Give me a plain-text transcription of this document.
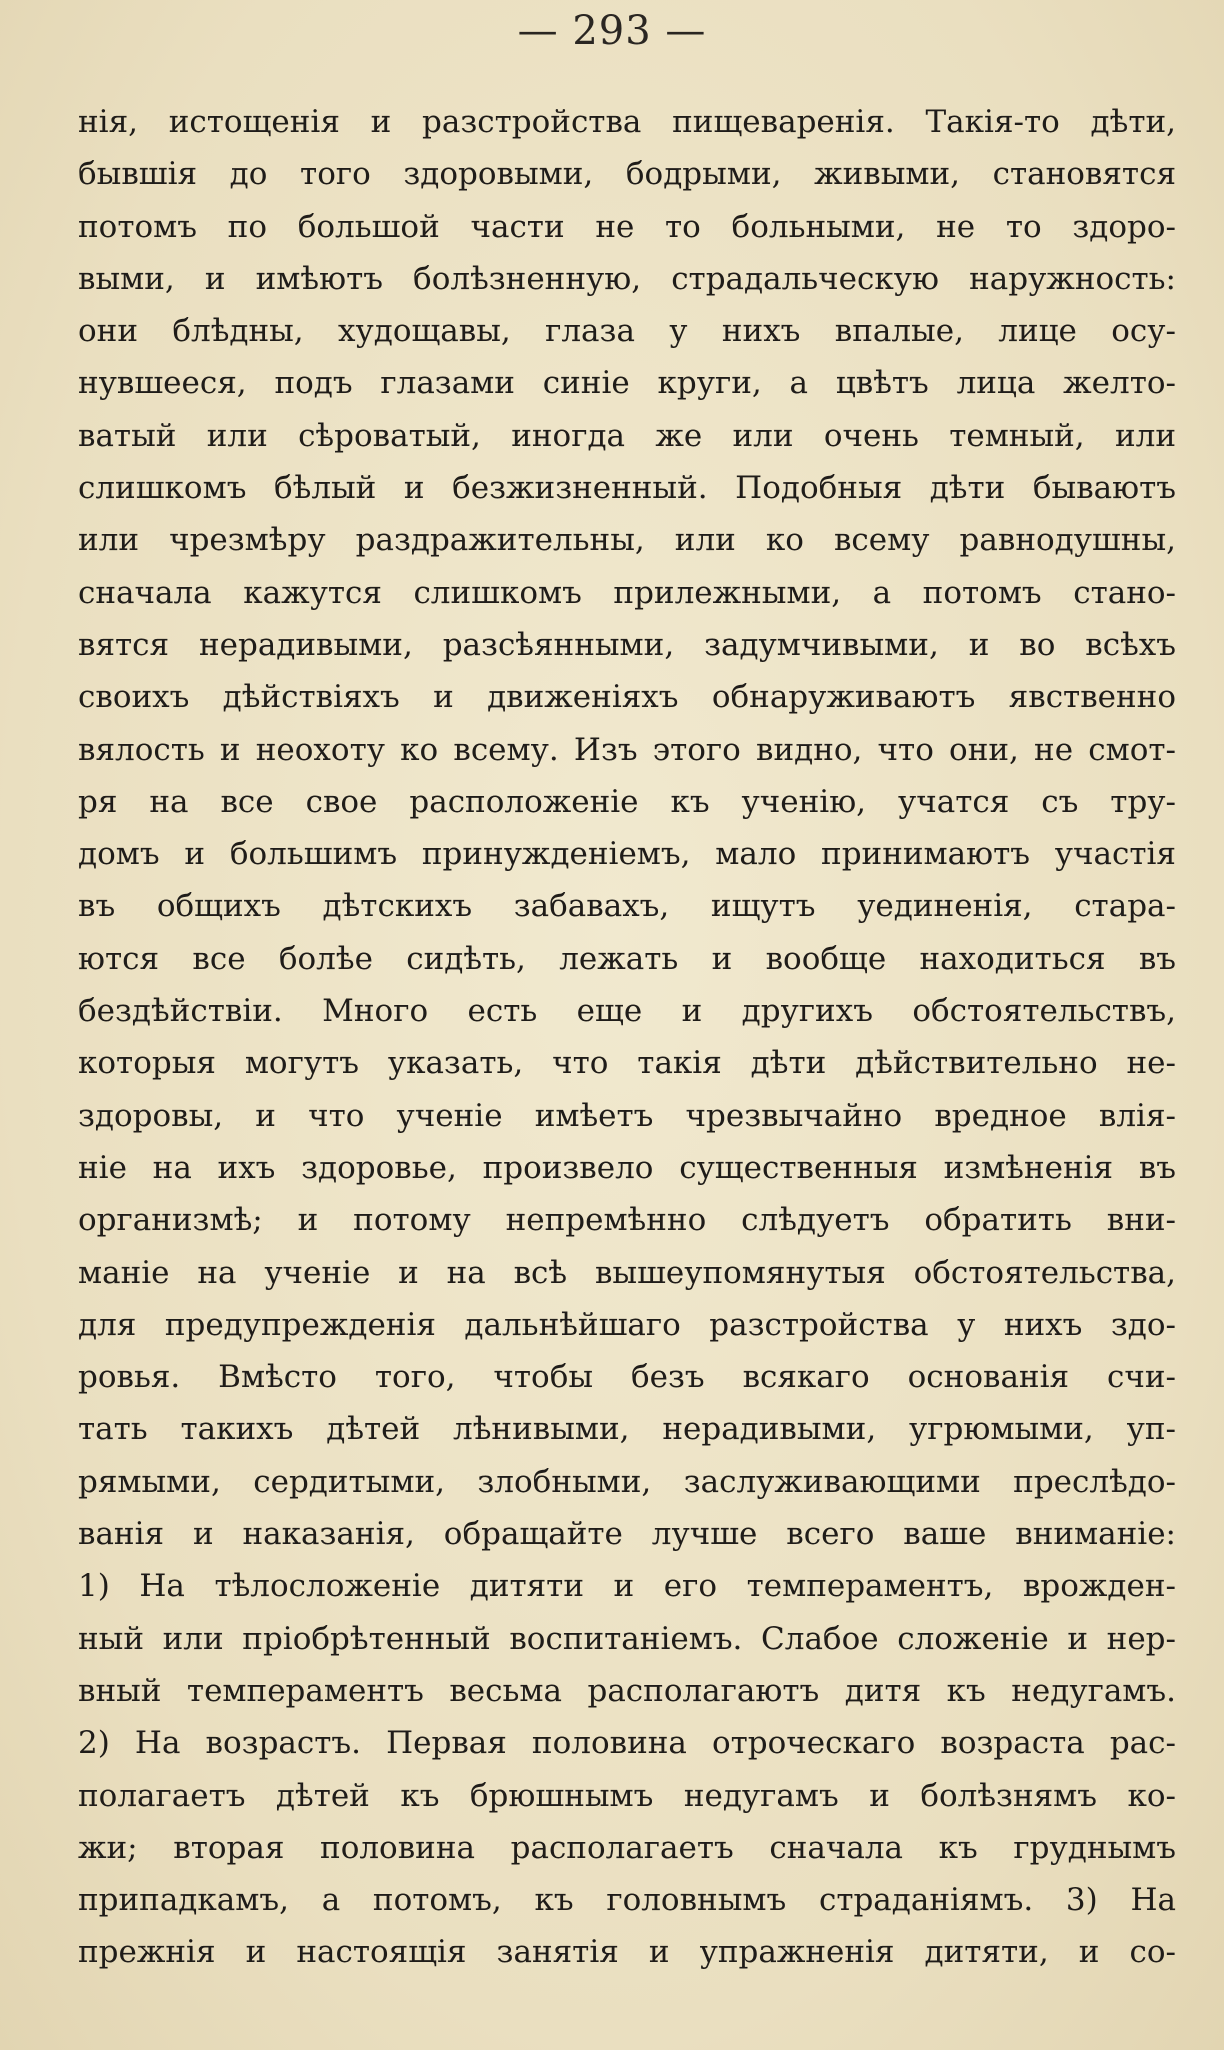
— 293 —
нія, истощенія и разстройства пищеваренія. Такія-то дѣти,
бывшія до того здоровыми, бодрыми, живыми, становятся
потомъ по большой части не то больными, не то здоро-
выми, и имѣютъ болѣзненную, страдальческую наружность:
они блѣдны, худощавы, глаза у нихъ впалые, лице осу-
нувшееся, подъ глазами синіе круги, а цвѣтъ лица желто-
ватый или сѣроватый, иногда же или очень темный, или
слишкомъ бѣлый и безжизненный. Подобныя дѣти бываютъ
или чрезмѣру раздражительны, или ко всему равнодушны,
сначала кажутся слишкомъ прилежными, а потомъ стано-
вятся нерадивыми, разсѣянными, задумчивыми, и во всѣхъ
своихъ дѣйствіяхъ и движеніяхъ обнаруживаютъ явственно
вялость и неохоту ко всему. Изъ этого видно, что они, не смот-
ря на все свое расположеніе къ ученію, учатся съ тру-
домъ и большимъ принужденіемъ, мало принимаютъ участія
въ общихъ дѣтскихъ забавахъ, ищутъ уединенія, стара-
ются все болѣе сидѣть, лежать и вообще находиться въ
бездѣйствіи. Много есть еще и другихъ обстоятельствъ,
которыя могутъ указать, что такія дѣти дѣйствительно не-
здоровы, и что ученіе имѣетъ чрезвычайно вредное влія-
ніе на ихъ здоровье, произвело существенныя измѣненія въ
организмѣ; и потому непремѣнно слѣдуетъ обратить вни-
маніе на ученіе и на всѣ вышеупомянутыя обстоятельства,
для предупрежденія дальнѣйшаго разстройства у нихъ здо-
ровья. Вмѣсто того, чтобы безъ всякаго основанія счи-
тать такихъ дѣтей лѣнивыми, нерадивыми, угрюмыми, уп-
рямыми, сердитыми, злобными, заслуживающими преслѣдо-
ванія и наказанія, обращайте лучше всего ваше вниманіе:
1) На тѣлосложеніе дитяти и его темпераментъ, врожден-
ный или пріобрѣтенный воспитаніемъ. Слабое сложеніе и нер-
вный темпераментъ весьма располагаютъ дитя къ недугамъ.
2) На возрастъ. Первая половина отроческаго возраста рас-
полагаетъ дѣтей къ брюшнымъ недугамъ и болѣзнямъ ко-
жи; вторая половина располагаетъ сначала къ груднымъ
припадкамъ, а потомъ, къ головнымъ страданіямъ. 3) На
прежнія и настоящія занятія и упражненія дитяти, и со-
